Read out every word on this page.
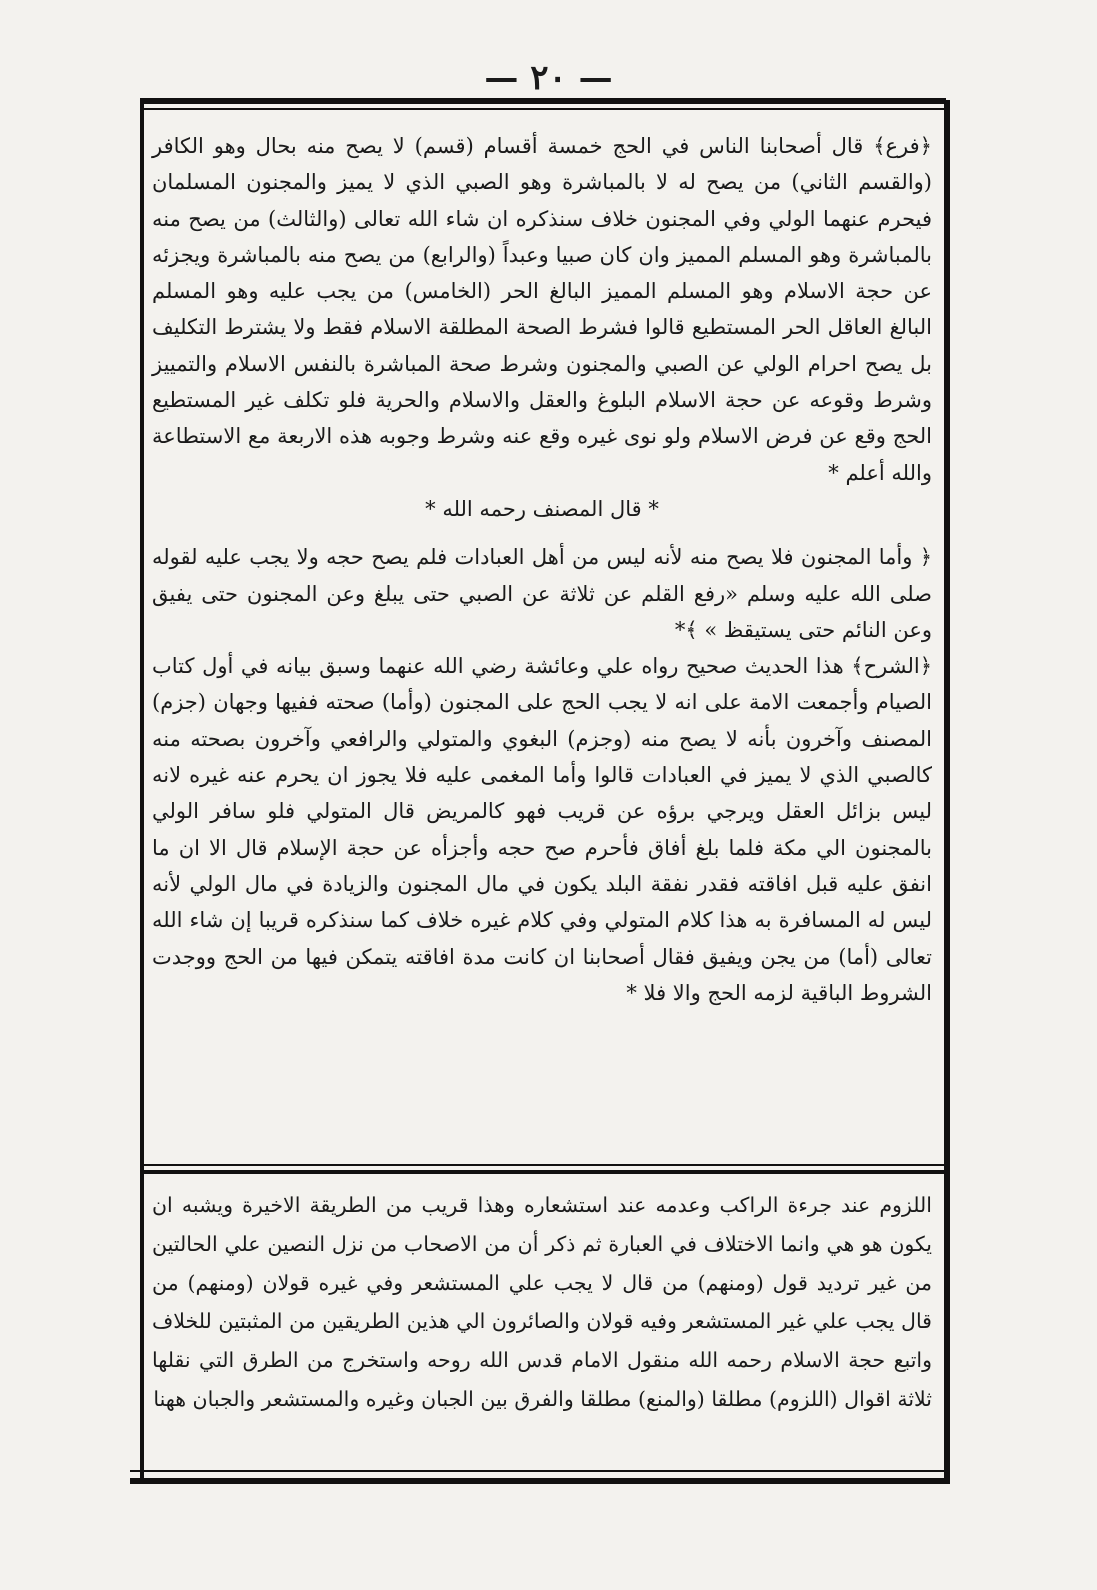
— ٢٠ —

﴿فرع﴾ قال أصحابنا الناس في الحج خمسة أقسام (قسم) لا يصح منه بحال وهو الكافر (والقسم الثاني) من يصح له لا بالمباشرة وهو الصبي الذي لا يميز والمجنون المسلمان فيحرم عنهما الولي وفي المجنون خلاف سنذكره ان شاء الله تعالى (والثالث) من يصح منه بالمباشرة وهو المسلم المميز وان كان صبيا وعبداً (والرابع) من يصح منه بالمباشرة ويجزئه عن حجة الاسلام وهو المسلم المميز البالغ الحر (الخامس) من يجب عليه وهو المسلم البالغ العاقل الحر المستطيع قالوا فشرط الصحة المطلقة الاسلام فقط ولا يشترط التكليف بل يصح احرام الولي عن الصبي والمجنون وشرط صحة المباشرة بالنفس الاسلام والتمييز وشرط وقوعه عن حجة الاسلام البلوغ والعقل والاسلام والحرية فلو تكلف غير المستطيع الحج وقع عن فرض الاسلام ولو نوى غيره وقع عنه وشرط وجوبه هذه الاربعة مع الاستطاعة والله أعلم *

* قال المصنف رحمه الله *

﴿ وأما المجنون فلا يصح منه لأنه ليس من أهل العبادات فلم يصح حجه ولا يجب عليه لقوله صلى الله عليه وسلم «رفع القلم عن ثلاثة عن الصبي حتى يبلغ وعن المجنون حتى يفيق وعن النائم حتى يستيقظ » ﴾*

﴿الشرح﴾ هذا الحديث صحيح رواه علي وعائشة رضي الله عنهما وسبق بيانه في أول كتاب الصيام وأجمعت الامة على انه لا يجب الحج على المجنون (وأما) صحته ففيها وجهان (جزم) المصنف وآخرون بأنه لا يصح منه (وجزم) البغوي والمتولي والرافعي وآخرون بصحته منه كالصبي الذي لا يميز في العبادات قالوا وأما المغمى عليه فلا يجوز ان يحرم عنه غيره لانه ليس بزائل العقل ويرجي برؤه عن قريب فهو كالمريض قال المتولي فلو سافر الولي بالمجنون الي مكة فلما بلغ أفاق فأحرم صح حجه وأجزأه عن حجة الإسلام قال الا ان ما انفق عليه قبل افاقته فقدر نفقة البلد يكون في مال المجنون والزيادة في مال الولي لأنه ليس له المسافرة به هذا كلام المتولي وفي كلام غيره خلاف كما سنذكره قريبا إن شاء الله تعالى (أما) من يجن ويفيق فقال أصحابنا ان كانت مدة افاقته يتمكن فيها من الحج ووجدت الشروط الباقية لزمه الحج والا فلا *

اللزوم عند جرءة الراكب وعدمه عند استشعاره وهذا قريب من الطريقة الاخيرة ويشبه ان يكون هو هي وانما الاختلاف في العبارة ثم ذكر أن من الاصحاب من نزل النصين علي الحالتين من غير ترديد قول (ومنهم) من قال لا يجب علي المستشعر وفي غيره قولان (ومنهم) من قال يجب علي غير المستشعر وفيه قولان والصائرون الي هذين الطريقين من المثبتين للخلاف واتبع حجة الاسلام رحمه الله منقول الامام قدس الله روحه واستخرج من الطرق التي نقلها ثلاثة اقوال (اللزوم) مطلقا (والمنع) مطلقا والفرق بين الجبان وغيره والمستشعر والجبان ههنا
